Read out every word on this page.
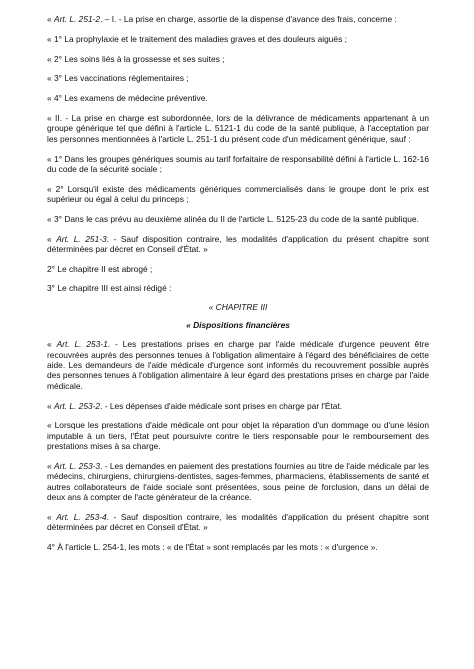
« Art. L. 251-2. – I. - La prise en charge, assortie de la dispense d'avance des frais, concerne :

« 1° La prophylaxie et le traitement des maladies graves et des douleurs aiguës ;

« 2° Les soins liés à la grossesse et ses suites ;

« 3° Les vaccinations réglementaires ;

« 4° Les examens de médecine préventive.

« II. - La prise en charge est subordonnée, lors de la délivrance de médicaments appartenant à un groupe générique tel que défini à l'article L. 5121-1 du code de la santé publique, à l'acceptation par les personnes mentionnées à l'article L. 251-1 du présent code d'un médicament générique, sauf :

« 1° Dans les groupes génériques soumis au tarif forfaitaire de responsabilité défini à l'article L. 162-16 du code de la sécurité sociale ;

« 2° Lorsqu'il existe des médicaments génériques commercialisés dans le groupe dont le prix est supérieur ou égal à celui du princeps ;

« 3° Dans le cas prévu au deuxième alinéa du II de l'article L. 5125-23 du code de la santé publique.

« Art. L. 251-3. - Sauf disposition contraire, les modalités d'application du présent chapitre sont déterminées par décret en Conseil d'État. »

2° Le chapitre II est abrogé ;

3° Le chapitre III est ainsi rédigé :

« CHAPITRE III

« Dispositions financières

« Art. L. 253-1. - Les prestations prises en charge par l'aide médicale d'urgence peuvent être recouvrées auprès des personnes tenues à l'obligation alimentaire à l'égard des bénéficiaires de cette aide. Les demandeurs de l'aide médicale d'urgence sont informés du recouvrement possible auprès des personnes tenues à l'obligation alimentaire à leur égard des prestations prises en charge par l'aide médicale.

« Art. L. 253-2. - Les dépenses d'aide médicale sont prises en charge par l'État.

« Lorsque les prestations d'aide médicale ont pour objet la réparation d'un dommage ou d'une lésion imputable à un tiers, l'État peut poursuivre contre le tiers responsable pour le remboursement des prestations mises à sa charge.

« Art. L. 253-3. - Les demandes en paiement des prestations fournies au titre de l'aide médicale par les médecins, chirurgiens, chirurgiens-dentistes, sages-femmes, pharmaciens, établissements de santé et autres collaborateurs de l'aide sociale sont présentées, sous peine de forclusion, dans un délai de deux ans à compter de l'acte générateur de la créance.

« Art. L. 253-4. - Sauf disposition contraire, les modalités d'application du présent chapitre sont déterminées par décret en Conseil d'État. »

4° À l'article L. 254-1, les mots : « de l'État » sont remplacés par les mots : « d'urgence ».
